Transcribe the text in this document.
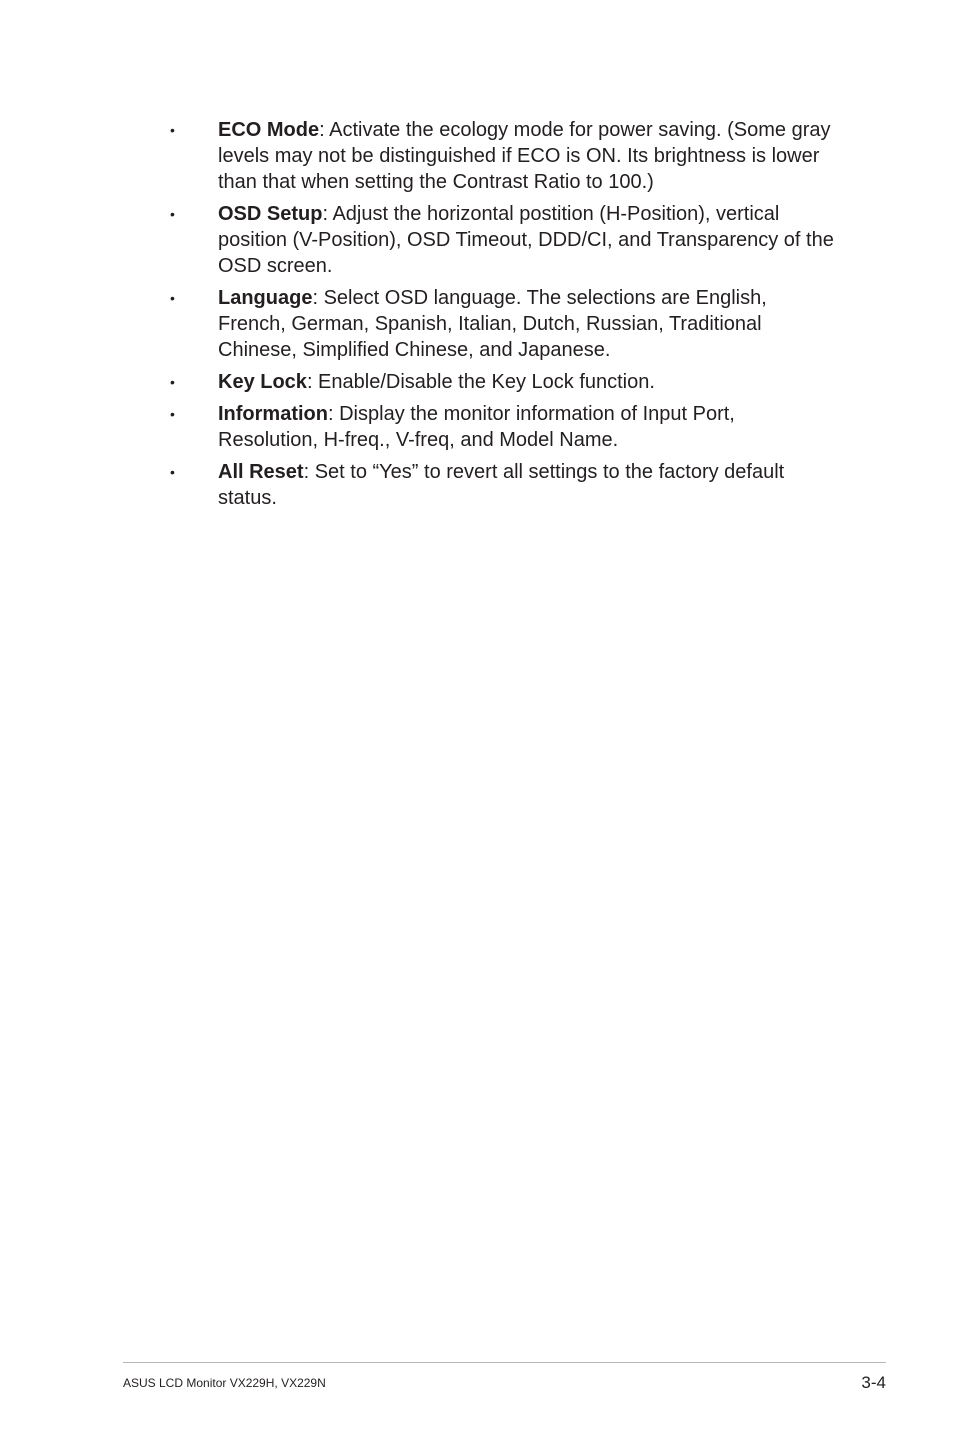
•	ECO Mode: Activate the ecology mode for power saving. (Some gray levels may not be distinguished if ECO is ON. Its brightness is lower than that when setting the Contrast Ratio to 100.)
•	OSD Setup: Adjust the horizontal postition (H-Position), vertical position (V-Position), OSD Timeout, DDD/CI, and Transparency of the OSD screen.
•	Language: Select OSD language. The selections are English, French, German, Spanish, Italian, Dutch, Russian, Traditional Chinese, Simplified Chinese, and Japanese.
•	Key Lock: Enable/Disable the Key Lock function.
•	Information: Display the monitor information of Input Port, Resolution, H-freq., V-freq, and Model Name.
•	All Reset: Set to “Yes” to revert all settings to the factory default status.
ASUS LCD Monitor VX229H, VX229N	3-4
